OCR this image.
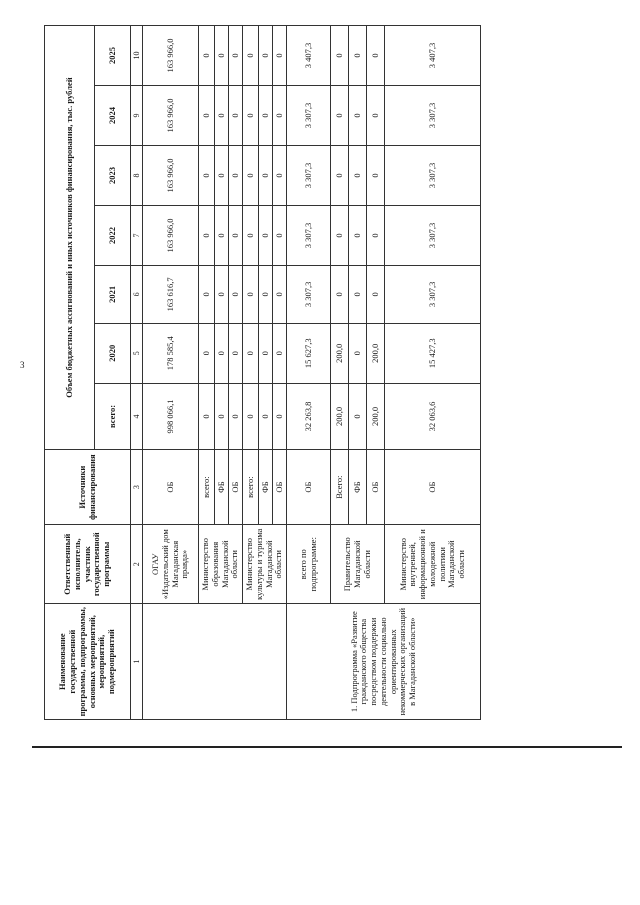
3
Наименование государственной программы, подпрограммы, основных мероприятий, мероприятий, подмероприятий	Ответственный исполнитель, участник государственной программы	Источники финансирования	Объем бюджетных ассигнований и иных источников финансирования, тыс. рублей						
			всего:	2020	2021	2022	2023	2024	2025
1	2	3	4	5	6	7	8	9	10
	ОГАУ «Издательский дом Магаданская правда»	ОБ	998 066,1	178 585,4	163 616,7	163 966,0	163 966,0	163 966,0	163 966,0
	Министерство образования Магаданской области	всего:	0	0	0	0	0	0	0
		ФБ	0	0	0	0	0	0	0
		ОБ	0	0	0	0	0	0	0
	Министерство культуры и туризма Магаданской области	всего:	0	0	0	0	0	0	0
		ФБ	0	0	0	0	0	0	0
		ОБ	0	0	0	0	0	0	0
1. Подпрограмма «Развитие гражданского общества посредством поддержки деятельности социально ориентированных некоммерческих организаций в Магаданской области»	всего по подпрограмме:	ОБ	32 263,8	15 627,3	3 307,3	3 307,3	3 307,3	3 307,3	3 407,3
	Правительство Магаданской области	Всего:	200,0	200,0	0	0	0	0	0
		ФБ	0	0	0	0	0	0	0
		ОБ	200,0	200,0	0	0	0	0	0
	Министерство внутренней, информационной и молодежной политики Магаданской области	ОБ	32 063,6	15 427,3	3 307,3	3 307,3	3 307,3	3 307,3	3 407,3
